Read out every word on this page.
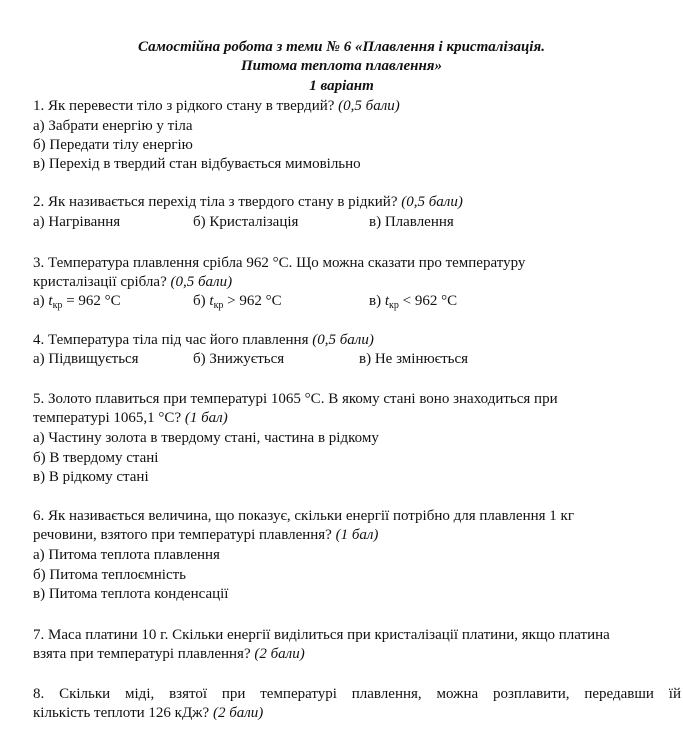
Самостійна робота з теми № 6 «Плавлення і кристалізація.
Питома теплота плавлення»
1 варіант
1. Як перевести тіло з рідкого стану в твердий? (0,5 бали)
а) Забрати енергію у тіла
б) Передати тілу енергію
в) Перехід в твердий стан відбувається мимовільно
2. Як називається перехід тіла з твердого стану в рідкий? (0,5 бали)
а) Нагрівання	б) Кристалізація	в) Плавлення
3. Температура плавлення срібла 962 °С. Що можна сказати про температуру
кристалізації срібла? (0,5 бали)
а) $t_{кр} = 962$ °С	б) $t_{кр} > 962$ °С	в) $t_{кр} < 962$ °С
4. Температура тіла під час його плавлення (0,5 бали)
а) Підвищується	б) Знижується	в) Не змінюється
5. Золото плавиться при температурі 1065 °С. В якому стані воно знаходиться при
температурі 1065,1 °С? (1 бал)
а) Частину золота в твердому стані, частина в рідкому
б) В твердому стані
в) В рідкому стані
6. Як називається величина, що показує, скільки енергії потрібно для плавлення 1 кг
речовини, взятого при температурі плавлення? (1 бал)
а) Питома теплота плавлення
б) Питома теплоємність
в) Питома теплота конденсації
7. Маса платини 10 г. Скільки енергії виділиться при кристалізації платини, якщо платина
взята при температурі плавлення? (2 бали)
8. Скільки міді, взятої при температурі плавлення, можна розплавити, передавши їй
кількість теплоти 126 кДж? (2 бали)
